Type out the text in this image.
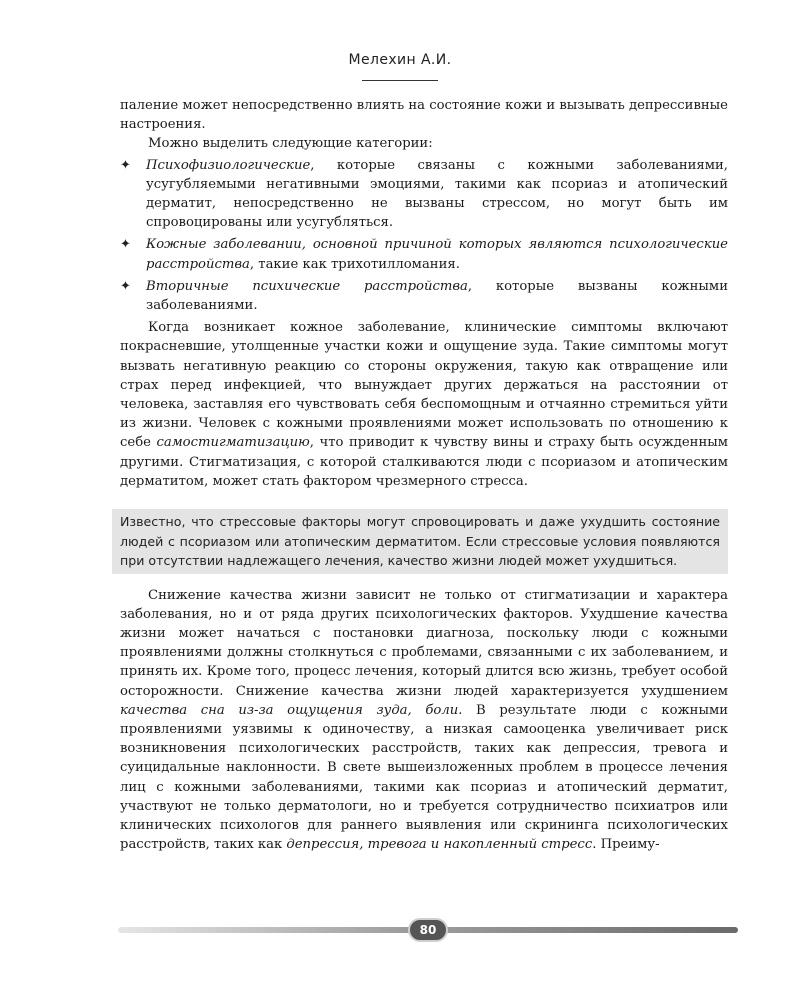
Мелехин А.И.

паление может непосредственно влиять на состояние кожи и вызывать депрессивные настроения.

Можно выделить следующие категории:

✦ Психофизиологические, которые связаны с кожными заболеваниями, усугубляемыми негативными эмоциями, такими как псориаз и атопический дерматит, непосредственно не вызваны стрессом, но могут быть им спровоцированы или усугубляться.
✦ Кожные заболевании, основной причиной которых являются психологические расстройства, такие как трихотилломания.
✦ Вторичные психические расстройства, которые вызваны кожными заболеваниями.

Когда возникает кожное заболевание, клинические симптомы включают покрасневшие, утолщенные участки кожи и ощущение зуда. Такие симптомы могут вызвать негативную реакцию со стороны окружения, такую как отвращение или страх перед инфекцией, что вынуждает других держаться на расстоянии от человека, заставляя его чувствовать себя беспомощным и отчаянно стремиться уйти из жизни. Человек с кожными проявлениями может использовать по отношению к себе самостигматизацию, что приводит к чувству вины и страху быть осужденным другими. Стигматизация, с которой сталкиваются люди с псориазом и атопическим дерматитом, может стать фактором чрезмерного стресса.

Известно, что стрессовые факторы могут спровоцировать и даже ухудшить состояние людей с псориазом или атопическим дерматитом. Если стрессовые условия появляются при отсутствии надлежащего лечения, качество жизни людей может ухудшиться.

Снижение качества жизни зависит не только от стигматизации и характера заболевания, но и от ряда других психологических факторов. Ухудшение качества жизни может начаться с постановки диагноза, поскольку люди с кожными проявлениями должны столкнуться с проблемами, связанными с их заболеванием, и принять их. Кроме того, процесс лечения, который длится всю жизнь, требует особой осторожности. Снижение качества жизни людей характеризуется ухудшением качества сна из-за ощущения зуда, боли. В результате люди с кожными проявлениями уязвимы к одиночеству, а низкая самооценка увеличивает риск возникновения психологических расстройств, таких как депрессия, тревога и суицидальные наклонности. В свете вышеизложенных проблем в процессе лечения лиц с кожными заболеваниями, такими как псориаз и атопический дерматит, участвуют не только дерматологи, но и требуется сотрудничество психиатров или клинических психологов для раннего выявления или скрининга психологических расстройств, таких как депрессия, тревога и накопленный стресс. Преиму-

80
